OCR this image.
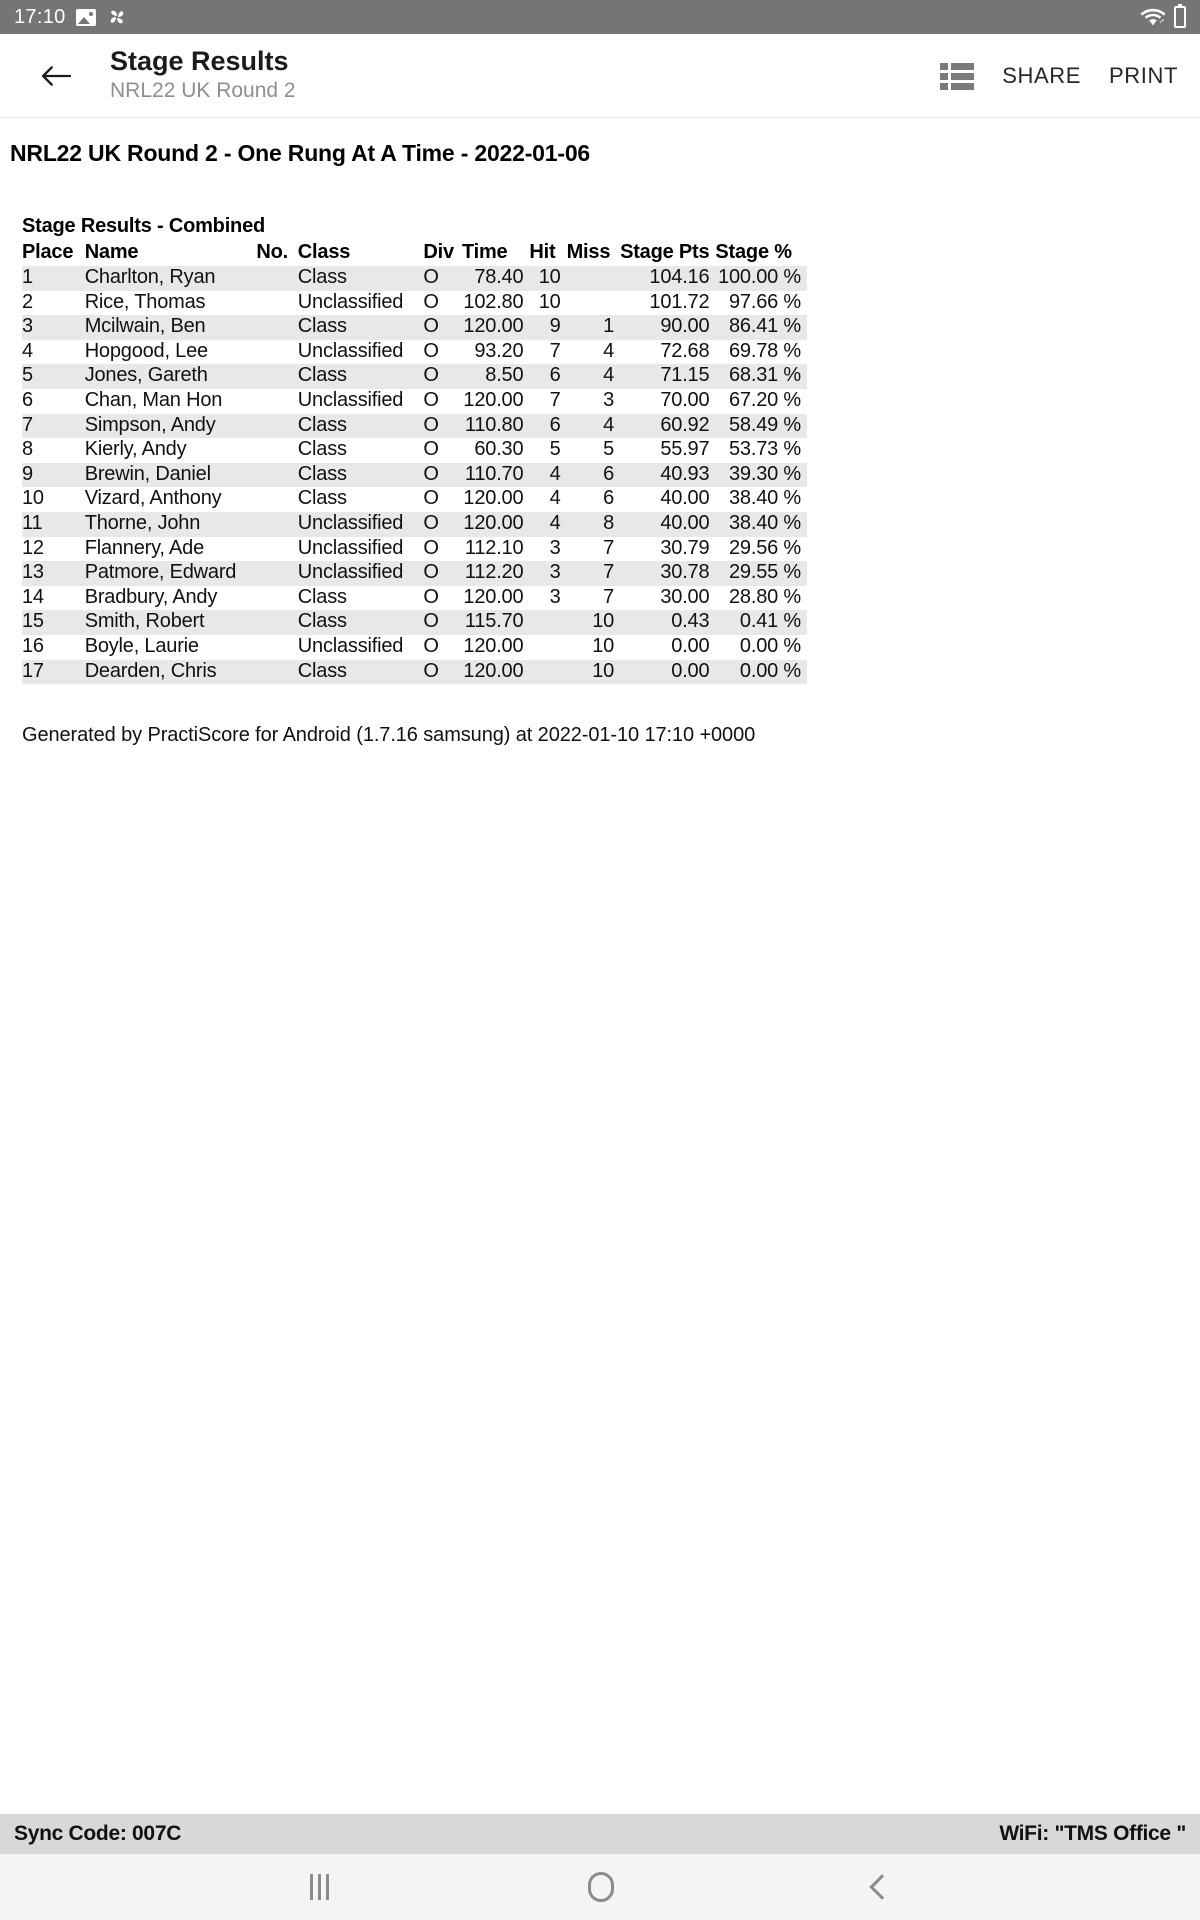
17:10
Stage Results
NRL22 UK Round 2
SHARE PRINT
NRL22 UK Round 2 - One Rung At A Time - 2022-01-06
Stage Results - Combined
Place	Name	No.	Class	Div	Time	Hit	Miss	Stage Pts	Stage %
1	Charlton, Ryan		Class	O	78.40	10		104.16	100.00 %
2	Rice, Thomas		Unclassified	O	102.80	10		101.72	97.66 %
3	Mcilwain, Ben		Class	O	120.00	9	1	90.00	86.41 %
4	Hopgood, Lee		Unclassified	O	93.20	7	4	72.68	69.78 %
5	Jones, Gareth		Class	O	8.50	6	4	71.15	68.31 %
6	Chan, Man Hon		Unclassified	O	120.00	7	3	70.00	67.20 %
7	Simpson, Andy		Class	O	110.80	6	4	60.92	58.49 %
8	Kierly, Andy		Class	O	60.30	5	5	55.97	53.73 %
9	Brewin, Daniel		Class	O	110.70	4	6	40.93	39.30 %
10	Vizard, Anthony		Class	O	120.00	4	6	40.00	38.40 %
11	Thorne, John		Unclassified	O	120.00	4	8	40.00	38.40 %
12	Flannery, Ade		Unclassified	O	112.10	3	7	30.79	29.56 %
13	Patmore, Edward		Unclassified	O	112.20	3	7	30.78	29.55 %
14	Bradbury, Andy		Class	O	120.00	3	7	30.00	28.80 %
15	Smith, Robert		Class	O	115.70		10	0.43	0.41 %
16	Boyle, Laurie		Unclassified	O	120.00		10	0.00	0.00 %
17	Dearden, Chris		Class	O	120.00		10	0.00	0.00 %
Generated by PractiScore for Android (1.7.16 samsung) at 2022-01-10 17:10 +0000
Sync Code: 007C	WiFi: "TMS Office "
